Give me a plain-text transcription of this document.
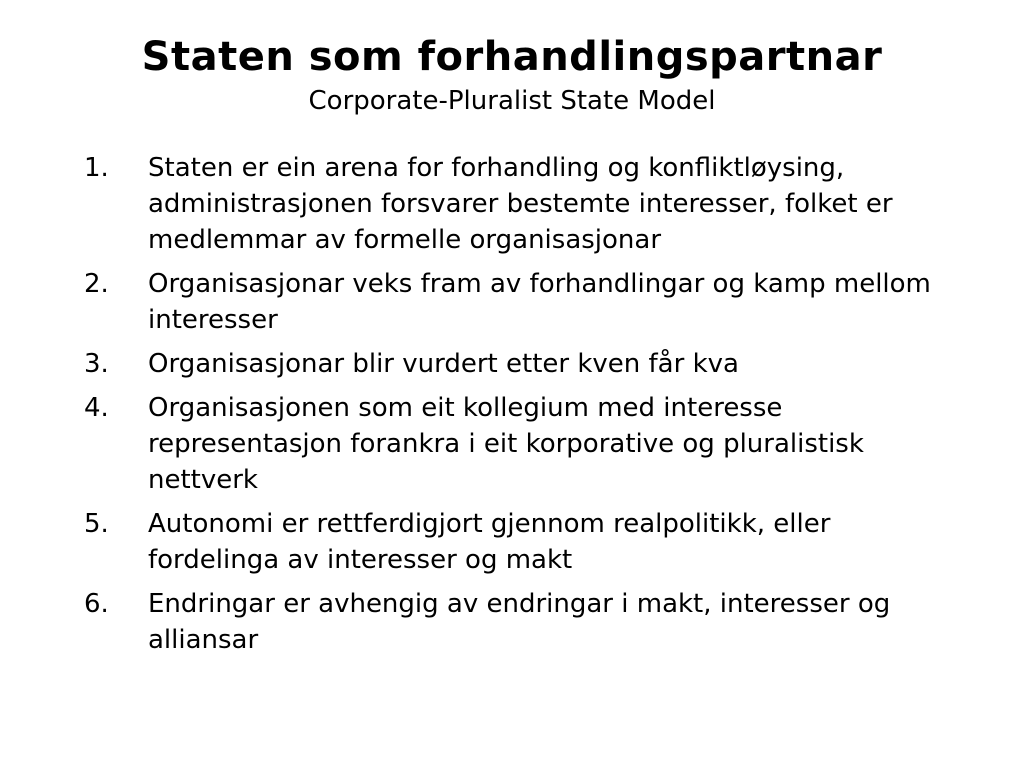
Staten som forhandlingspartnar

Corporate-Pluralist State Model

1.	Staten er ein arena for forhandling og konfliktløysing, administrasjonen forsvarer bestemte interesser, folket er medlemmar av formelle organisasjonar
2.	Organisasjonar veks fram av forhandlingar og kamp mellom interesser
3.	Organisasjonar blir vurdert etter kven får kva
4.	Organisasjonen som eit kollegium med interesse representasjon forankra i eit korporative og pluralistisk nettverk
5.	Autonomi er rettferdigjort gjennom realpolitikk, eller fordelinga av interesser og makt
6.	Endringar er avhengig av endringar i makt, interesser og alliansar
